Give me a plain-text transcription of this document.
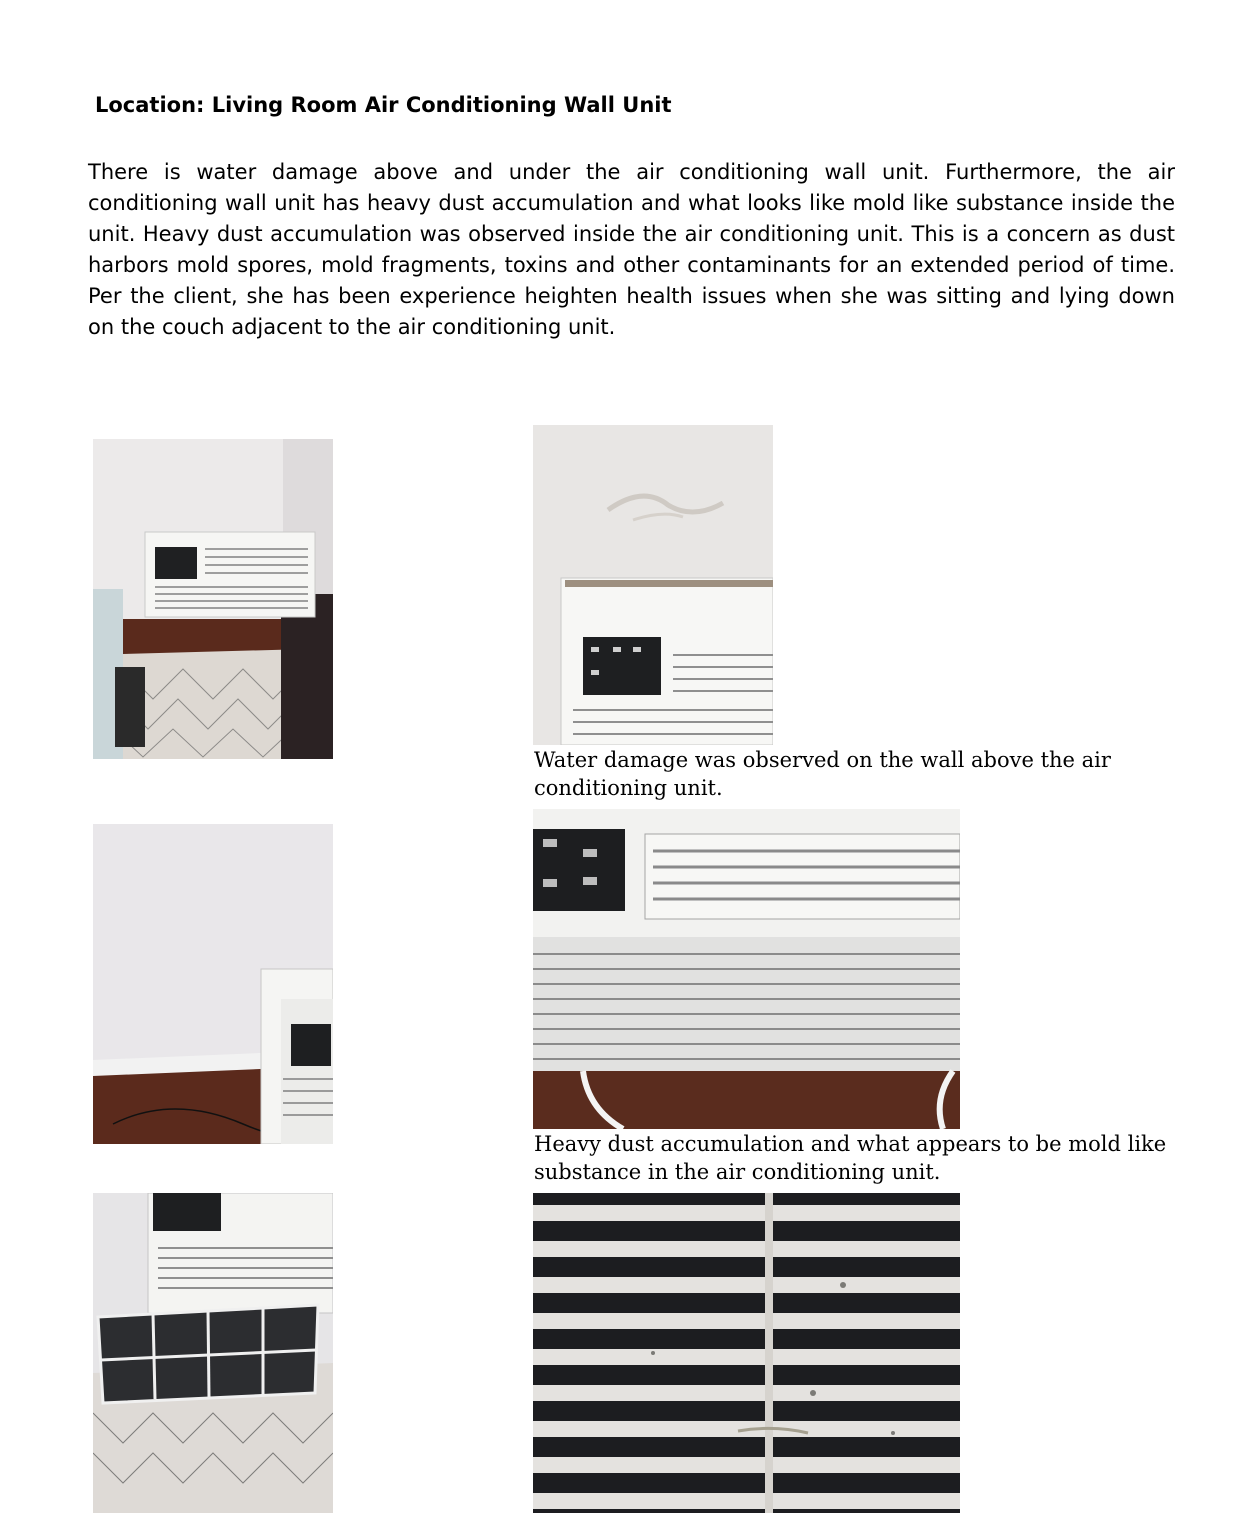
Location: Living Room Air Conditioning Wall Unit

There is water damage above and under the air conditioning wall unit. Furthermore, the air conditioning wall unit has heavy dust accumulation and what looks like mold like substance inside the unit. Heavy dust accumulation was observed inside the air conditioning unit. This is a concern as dust harbors mold spores, mold fragments, toxins and other contaminants for an extended period of time. Per the client, she has been experience heighten health issues when she was sitting and lying down on the couch adjacent to the air conditioning unit.

Water damage was observed on the wall above the air conditioning unit.
Heavy dust accumulation and what appears to be mold like substance in the air conditioning unit.
